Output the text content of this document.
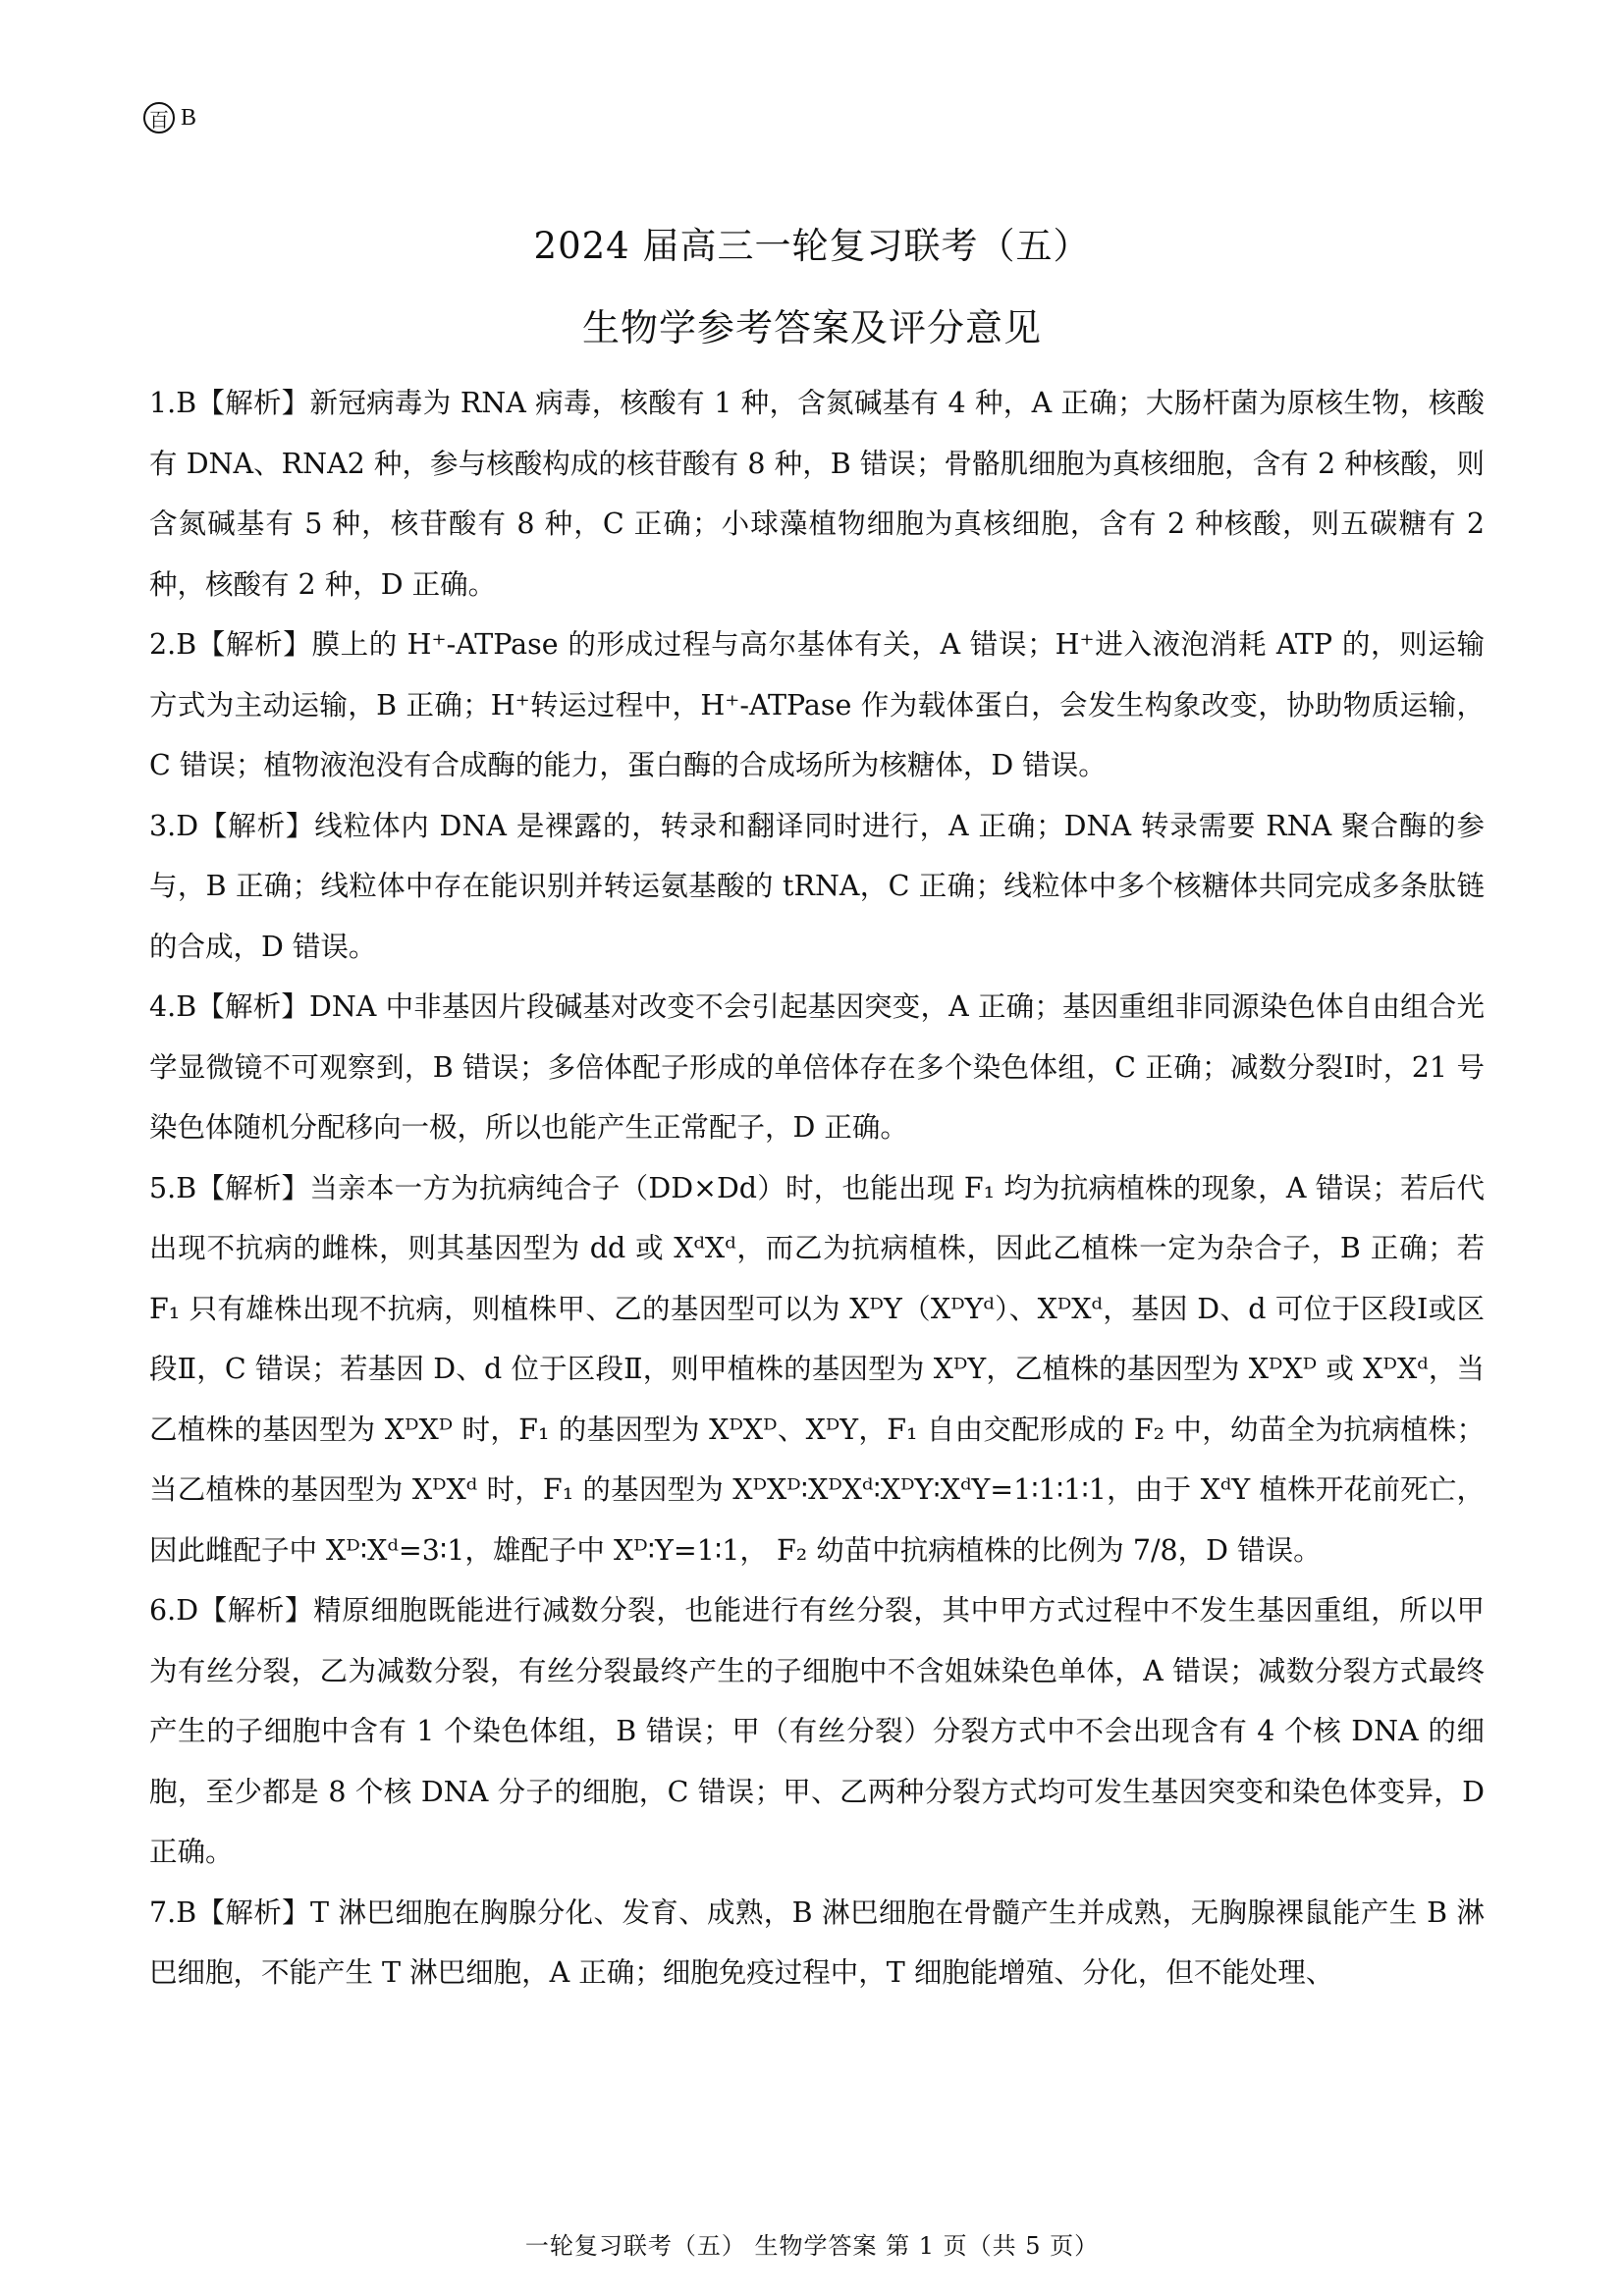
百 B
2024 届高三一轮复习联考（五）
生物学参考答案及评分意见

1.B【解析】新冠病毒为 RNA 病毒，核酸有 1 种，含氮碱基有 4 种，A 正确；大肠杆菌为原核生物，核酸有 DNA、RNA2 种，参与核酸构成的核苷酸有 8 种，B 错误；骨骼肌细胞为真核细胞，含有 2 种核酸，则含氮碱基有 5 种，核苷酸有 8 种，C 正确；小球藻植物细胞为真核细胞，含有 2 种核酸，则五碳糖有 2 种，核酸有 2 种，D 正确。

2.B【解析】膜上的 H⁺-ATPase 的形成过程与高尔基体有关，A 错误；H⁺进入液泡消耗 ATP 的，则运输方式为主动运输，B 正确；H⁺转运过程中，H⁺-ATPase 作为载体蛋白，会发生构象改变，协助物质运输，C 错误；植物液泡没有合成酶的能力，蛋白酶的合成场所为核糖体，D 错误。

3.D【解析】线粒体内 DNA 是裸露的，转录和翻译同时进行，A 正确；DNA 转录需要 RNA 聚合酶的参与，B 正确；线粒体中存在能识别并转运氨基酸的 tRNA，C 正确；线粒体中多个核糖体共同完成多条肽链的合成，D 错误。

4.B【解析】DNA 中非基因片段碱基对改变不会引起基因突变，A 正确；基因重组非同源染色体自由组合光学显微镜不可观察到，B 错误；多倍体配子形成的单倍体存在多个染色体组，C 正确；减数分裂Ⅰ时，21 号染色体随机分配移向一极，所以也能产生正常配子，D 正确。

5.B【解析】当亲本一方为抗病纯合子（DD×Dd）时，也能出现 F₁ 均为抗病植株的现象，A 错误；若后代出现不抗病的雌株，则其基因型为 dd 或 XᵈXᵈ，而乙为抗病植株，因此乙植株一定为杂合子，B 正确；若 F₁ 只有雄株出现不抗病，则植株甲、乙的基因型可以为 XᴰY（XᴰYᵈ）、XᴰXᵈ，基因 D、d 可位于区段Ⅰ或区段Ⅱ，C 错误；若基因 D、d 位于区段Ⅱ，则甲植株的基因型为 XᴰY，乙植株的基因型为 XᴰXᴰ 或 XᴰXᵈ，当乙植株的基因型为 XᴰXᴰ 时，F₁ 的基因型为 XᴰXᴰ、XᴰY，F₁ 自由交配形成的 F₂ 中，幼苗全为抗病植株；当乙植株的基因型为 XᴰXᵈ 时，F₁ 的基因型为 XᴰXᴰ∶XᴰXᵈ∶XᴰY∶XᵈY=1∶1∶1∶1，由于 XᵈY 植株开花前死亡，因此雌配子中 Xᴰ∶Xᵈ=3∶1，雄配子中 Xᴰ∶Y=1∶1， F₂ 幼苗中抗病植株的比例为 7/8，D 错误。

6.D【解析】精原细胞既能进行减数分裂，也能进行有丝分裂，其中甲方式过程中不发生基因重组，所以甲为有丝分裂，乙为减数分裂，有丝分裂最终产生的子细胞中不含姐妹染色单体，A 错误；减数分裂方式最终产生的子细胞中含有 1 个染色体组，B 错误；甲（有丝分裂）分裂方式中不会出现含有 4 个核 DNA 的细胞，至少都是 8 个核 DNA 分子的细胞，C 错误；甲、乙两种分裂方式均可发生基因突变和染色体变异，D 正确。

7.B【解析】T 淋巴细胞在胸腺分化、发育、成熟，B 淋巴细胞在骨髓产生并成熟，无胸腺裸鼠能产生 B 淋巴细胞，不能产生 T 淋巴细胞，A 正确；细胞免疫过程中，T 细胞能增殖、分化，但不能处理、

一轮复习联考（五） 生物学答案 第 1 页（共 5 页）
